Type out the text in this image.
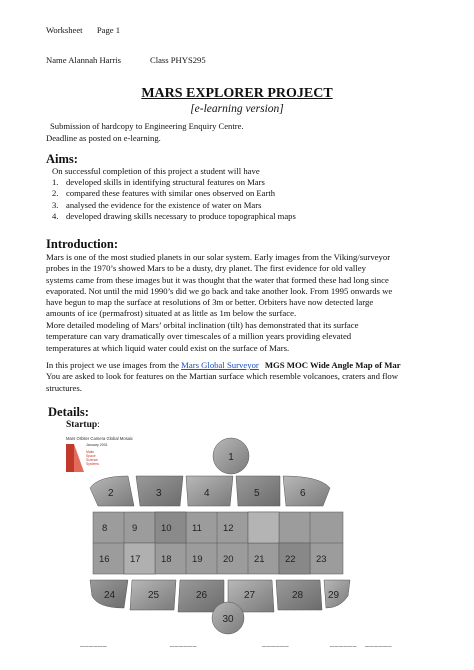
Worksheet Page 1
Name Alannah Harris	Class PHYS295
MARS EXPLORER PROJECT
[e-learning version]
Submission of hardcopy to Engineering Enquiry Centre.
Deadline as posted on e-learning.
Aims:
On successful completion of this project a student will have
1. developed skills in identifying structural features on Mars
2. compared these features with similar ones observed on Earth
3. analysed the evidence for the existence of water on Mars
4. developed drawing skills necessary to produce topographical maps
Introduction:
Mars is one of the most studied planets in our solar system. Early images from the Viking/surveyor
probes in the 1970’s showed Mars to be a dusty, dry planet. The first evidence for old valley
systems came from these images but it was thought that the water that formed these had long since
evaporated. Not until the mid 1990’s did we go back and take another look. From 1995 onwards we
have begun to map the surface at resolutions of 3m or better. Orbiters have now detected large
amounts of ice (permafrost) situated at as little as 1m below the surface.
More detailed modeling of Mars’ orbital inclination (tilt) has demonstrated that its surface
temperature can vary dramatically over timescales of a million years providing elevated
temperatures at which liquid water could exist on the surface of Mars.
In this project we use images from the Mars Global Surveyor MGS MOC Wide Angle Map of Mar
You are asked to look for features on the Martian surface which resemble volcanoes, craters and flow
structures.
Details:
Startup:
Mars Orbiter Camera Global Mosaic
January 2001
Malin
Space
Science
Systems
1
2	3	4	5	6
8	9 10 11 12
16 17 18 19 20 21 22 23
24	25	26	27	28 29
30
______	______	______	______ ______
